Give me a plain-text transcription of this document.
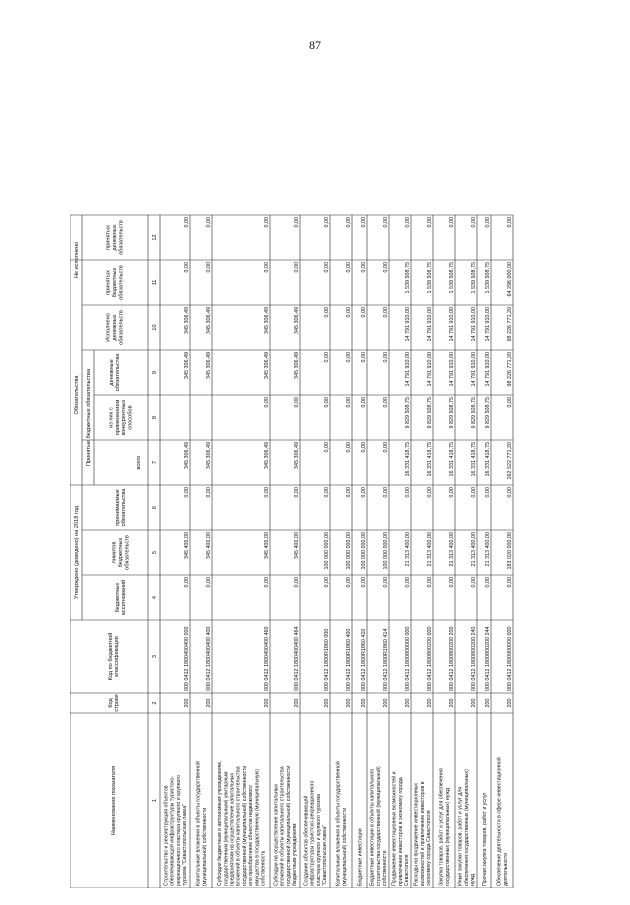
87
Утверждено (доведено) на 2018 год
Обязательства
Не исполнено
Принятые бюджетные обязательства
Наименование показателя
Кодстроки
Код по бюджетнойклассификации
бюджетныхассигнований
лимитовбюджетныхобязательств
принимаемыеобязательства
всего
из них сприменениемконкурентныхспособов
денежныеобязательства
Исполненоденежныхобязательств
принятыхбюджетныхобязательств
принятыхденежныхобязательств
1
2
3
4
5
6
7
8
9
10
11
12
Строительство и реконструкция объектовобеспечивающей инфраструктуры туристско-рекреационного кластера крупного и крупноготуризма "Севастопольская лавка"
200
000 0412 1800400400 000
0,00
345 400,00
0,00
345 306,49
345 306,49
345 306,49
0,00
0,00
Капитальные вложения в объекты государственной(муниципальной) собственности
200
000 0412 1800400400 400
0,00
345 400,00
0,00
345 306,49
345 306,49
345 306,49
0,00
0,00
Субсидии бюджетным и автономным учреждениям,государственным (муниципальным) унитарнымпредприятиям на осуществление капитальныхвложений в объекты капитального строительствагосударственной (муниципальной) собственностиили приобретение объектов недвижимогоимущества в государственную (муниципальную)собственность
200
000 0412 1800400400 460
0,00
345 400,00
0,00
345 306,49
0,00
345 306,49
345 306,49
0,00
0,00
Субсидии на осуществление капитальныхвложений в объекты капитального строительствагосударственной (муниципальной) собственностибюджетным учреждениям
200
000 0412 1800400400 464
0,00
345 400,00
0,00
345 306,49
0,00
345 306,49
345 306,49
0,00
0,00
Создание объектов обеспечивающейинфраструктуры туристско-рекреационногокластера крупного и крупного туризма"Севастопольская лавка"
200
000 0412 1800R1860 000
0,00
100 000 000,00
0,00
0,00
0,00
0,00
0,00
0,00
0,00
Капитальные вложения в объекты государственной(муниципальной) собственности
200
000 0412 1800R1860 400
0,00
100 000 000,00
0,00
0,00
0,00
0,00
0,00
0,00
0,00
Бюджетные инвестиции
200
000 0412 1800R1860 410
0,00
100 000 000,00
0,00
0,00
0,00
0,00
0,00
0,00
0,00
Бюджетные инвестиции в объекты капитальногостроительства государственной (муниципальной)собственности
200
000 0412 1800R1860 414
0,00
100 000 000,00
0,00
0,00
0,00
0,00
0,00
0,00
0,00
Продвижение инвестиционных возможностей ипривлечение инвесторов в экономику городаСевастополя
200
000 0412 1800800000 000
0,00
21 313 400,00
0,00
16 331 418,75
9 829 508,75
14 791 910,00
14 791 910,00
1 539 508,75
0,00
Расходы на продвижение инвестиционныхвозможностей и привлечение инвесторов вэкономику города Севастополя
200
000 0412 1800800200 000
0,00
21 313 400,00
0,00
16 331 418,75
9 829 508,75
14 791 910,00
14 791 910,00
1 539 508,75
0,00
Закупка товаров, работ и услуг для обеспечениягосударственных (муниципальных) нужд
200
000 0412 1800800200 200
0,00
21 313 400,00
0,00
16 331 418,75
9 829 508,75
14 791 910,00
14 791 910,00
1 539 508,75
0,00
Иные закупки товаров, работ и услуг дляобеспечения государственных (муниципальных)нужд
200
000 0412 1800800200 240
0,00
21 313 400,00
0,00
16 331 418,75
9 829 508,75
14 791 910,00
14 791 910,00
1 539 508,75
0,00
Прочая закупка товаров, работ и услуг
200
000 0412 1800800200 244
0,00
21 313 400,00
0,00
16 331 418,75
9 829 508,75
14 791 910,00
14 791 910,00
1 539 508,75
0,00
Обеспечение деятельности в сфере инвестиционнойдеятельности
200
000 0412 1800900000 000
0,00
183 020 000,00
0,00
162 522 771,20
0,00
98 226 771,20
98 226 771,20
64 296 000,00
0,00
